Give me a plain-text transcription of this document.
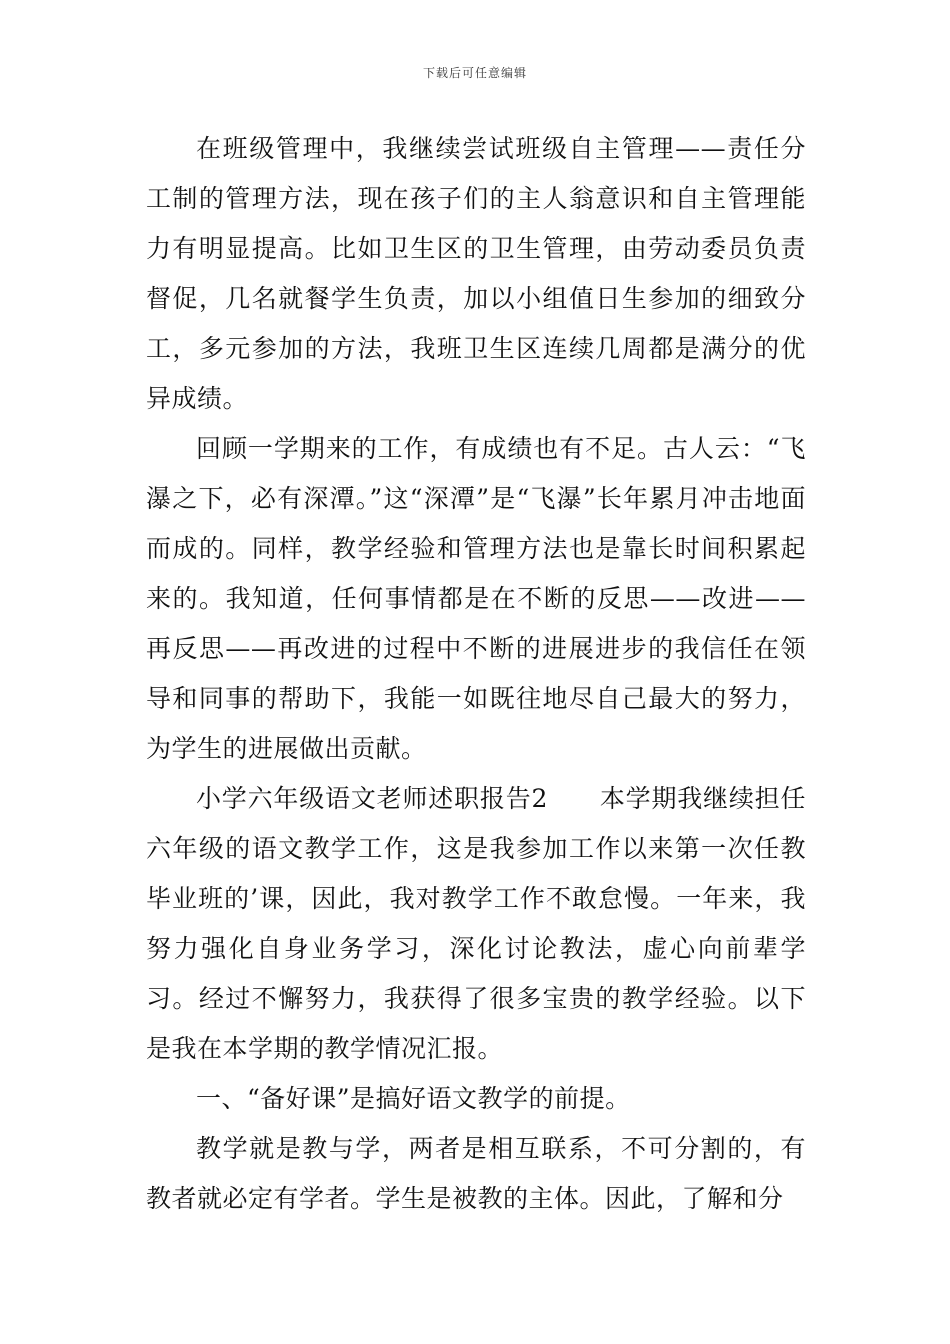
下载后可任意编辑

在班级管理中，我继续尝试班级自主管理——责任分工制的管理方法，现在孩子们的主人翁意识和自主管理能力有明显提高。比如卫生区的卫生管理，由劳动委员负责督促，几名就餐学生负责，加以小组值日生参加的细致分工，多元参加的方法，我班卫生区连续几周都是满分的优异成绩。

回顾一学期来的工作，有成绩也有不足。古人云：“飞瀑之下，必有深潭。”这“深潭”是“飞瀑”长年累月冲击地面而成的。同样，教学经验和管理方法也是靠长时间积累起来的。我知道，任何事情都是在不断的反思——改进——再反思——再改进的过程中不断的进展进步的我信任在领导和同事的帮助下，我能一如既往地尽自己最大的努力，为学生的进展做出贡献。

小学六年级语文老师述职报告2　　本学期我继续担任六年级的语文教学工作，这是我参加工作以来第一次任教毕业班的’课，因此，我对教学工作不敢怠慢。一年来，我努力强化自身业务学习，深化讨论教法，虚心向前辈学习。经过不懈努力，我获得了很多宝贵的教学经验。以下是我在本学期的教学情况汇报。

一、“备好课”是搞好语文教学的前提。

教学就是教与学，两者是相互联系，不可分割的，有教者就必定有学者。学生是被教的主体。因此，了解和分
